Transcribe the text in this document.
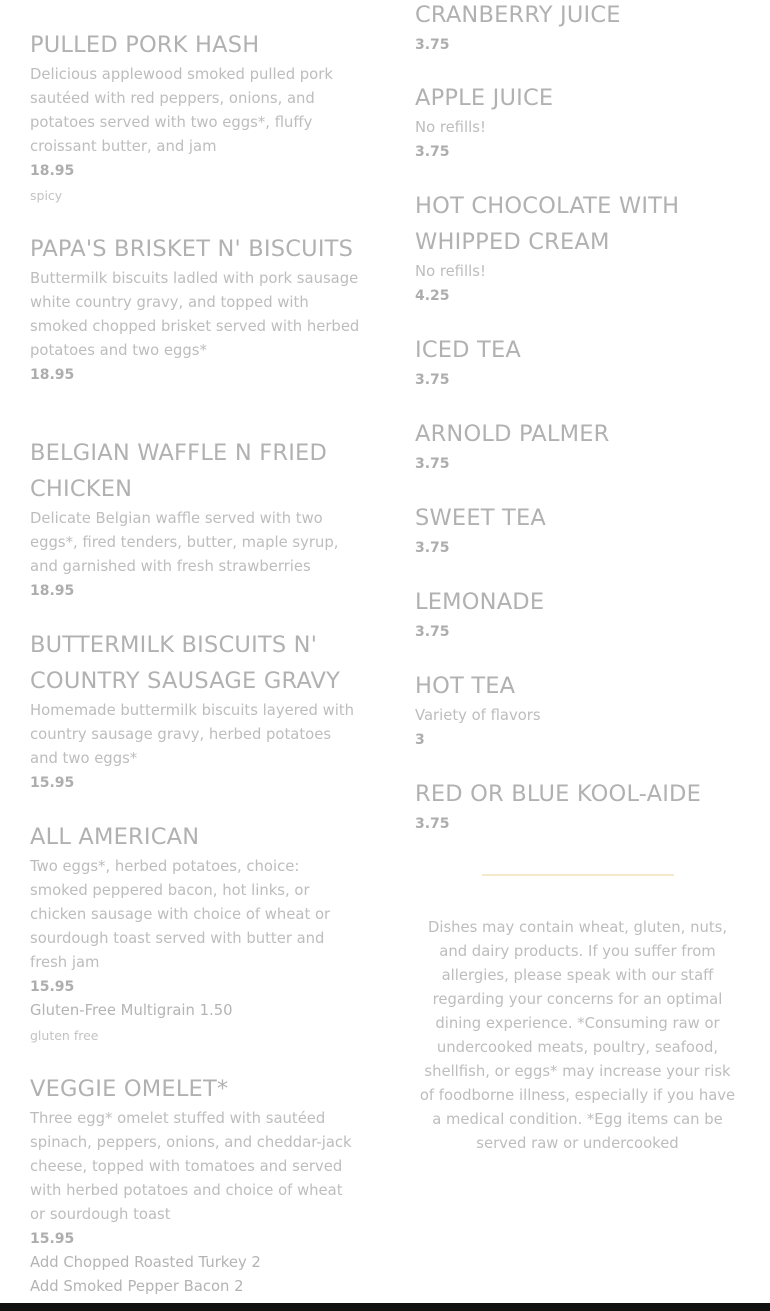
PULLED PORK HASH

Delicious applewood smoked pulled pork sautéed with red peppers, onions, and potatoes served with two eggs*, fluffy croissant butter, and jam

18.95

spicy

PAPA'S BRISKET N' BISCUITS

Buttermilk biscuits ladled with pork sausage white country gravy, and topped with smoked chopped brisket served with herbed potatoes and two eggs*

18.95

BELGIAN WAFFLE N FRIED CHICKEN

Delicate Belgian waffle served with two eggs*, fired tenders, butter, maple syrup, and garnished with fresh strawberries

18.95

BUTTERMILK BISCUITS N' COUNTRY SAUSAGE GRAVY

Homemade buttermilk biscuits layered with country sausage gravy, herbed potatoes and two eggs*

15.95

ALL AMERICAN

Two eggs*, herbed potatoes, choice: smoked peppered bacon, hot links, or chicken sausage with choice of wheat or sourdough toast served with butter and fresh jam

15.95

Gluten-Free Multigrain 1.50

gluten free

VEGGIE OMELET*

Three egg* omelet stuffed with sautéed spinach, peppers, onions, and cheddar-jack cheese, topped with tomatoes and served with herbed potatoes and choice of wheat or sourdough toast

15.95

Add Chopped Roasted Turkey 2

Add Smoked Pepper Bacon 2

CRANBERRY JUICE

3.75

APPLE JUICE

No refills!

3.75

HOT CHOCOLATE WITH WHIPPED CREAM

No refills!

4.25

ICED TEA

3.75

ARNOLD PALMER

3.75

SWEET TEA

3.75

LEMONADE

3.75

HOT TEA

Variety of flavors

3

RED OR BLUE KOOL-AIDE

3.75

Dishes may contain wheat, gluten, nuts, and dairy products. If you suffer from allergies, please speak with our staff regarding your concerns for an optimal dining experience. *Consuming raw or undercooked meats, poultry, seafood, shellfish, or eggs* may increase your risk of foodborne illness, especially if you have a medical condition. *Egg items can be served raw or undercooked
